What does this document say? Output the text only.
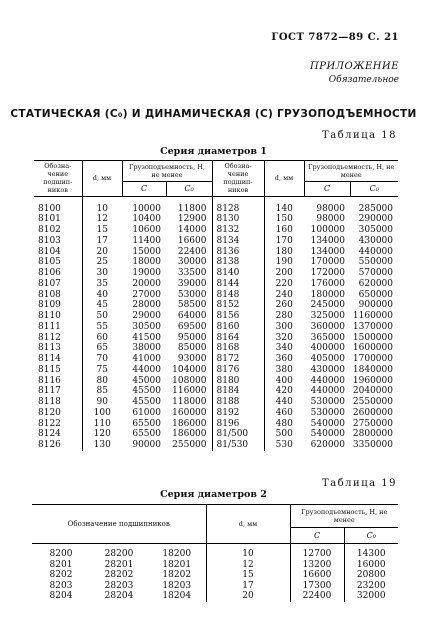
ГОСТ 7872—89 С. 21
ПРИЛОЖЕНИЕ
Обязательное
СТАТИЧЕСКАЯ (C₀) И ДИНАМИЧЕСКАЯ (C) ГРУЗОПОДЪЕМНОСТИ
Таблица 18
Серия диаметров 1
Обозна- чение подшип- ников	d, мм	Грузоподъемность, Н, не менее		Обозна- чение подшип- ников	d, мм	Грузоподъемность, Н, не менее	
		C	C₀			C	C₀
8100	10	10000	11800	8128	140	98000	285000
8101	12	10400	12900	8130	150	98000	290000
8102	15	10600	14000	8132	160	100000	305000
8103	17	11400	16600	8134	170	134000	430000
8104	20	15000	22400	8136	180	134000	440000
8105	25	18000	30000	8138	190	170000	550000
8106	30	19000	33500	8140	200	172000	570000
8107	35	20000	39000	8144	220	176000	620000
8108	40	27000	53000	8148	240	180000	650000
8109	45	28000	58500	8152	260	245000	900000
8110	50	29000	64000	8156	280	325000	1160000
8111	55	30500	69500	8160	300	360000	1370000
8112	60	41500	95000	8164	320	365000	1500000
8113	65	38000	85000	8168	340	400000	1600000
8114	70	41000	93000	8172	360	405000	1700000
8115	75	44000	104000	8176	380	430000	1840000
8116	80	45000	108000	8180	400	440000	1960000
8117	85	45500	116000	8184	420	440000	2040000
8118	90	45500	118000	8188	440	530000	2550000
8120	100	61000	160000	8192	460	530000	2600000
8122	110	65500	186000	8196	480	540000	2750000
8124	120	65500	186000	81/500	500	540000	2800000
8126	130	90000	255000	81/530	530	620000	3350000
Таблица 19
Серия диаметров 2
Обозначение подшипников			d, мм	Грузоподъемность, Н, не менее	
				C	C₀
8200	28200	18200	10	12700	14300
8201	28201	18201	12	13200	16000
8202	28202	18202	15	16600	20800
8203	28203	18203	17	17300	23200
8204	28204	18204	20	22400	32000
